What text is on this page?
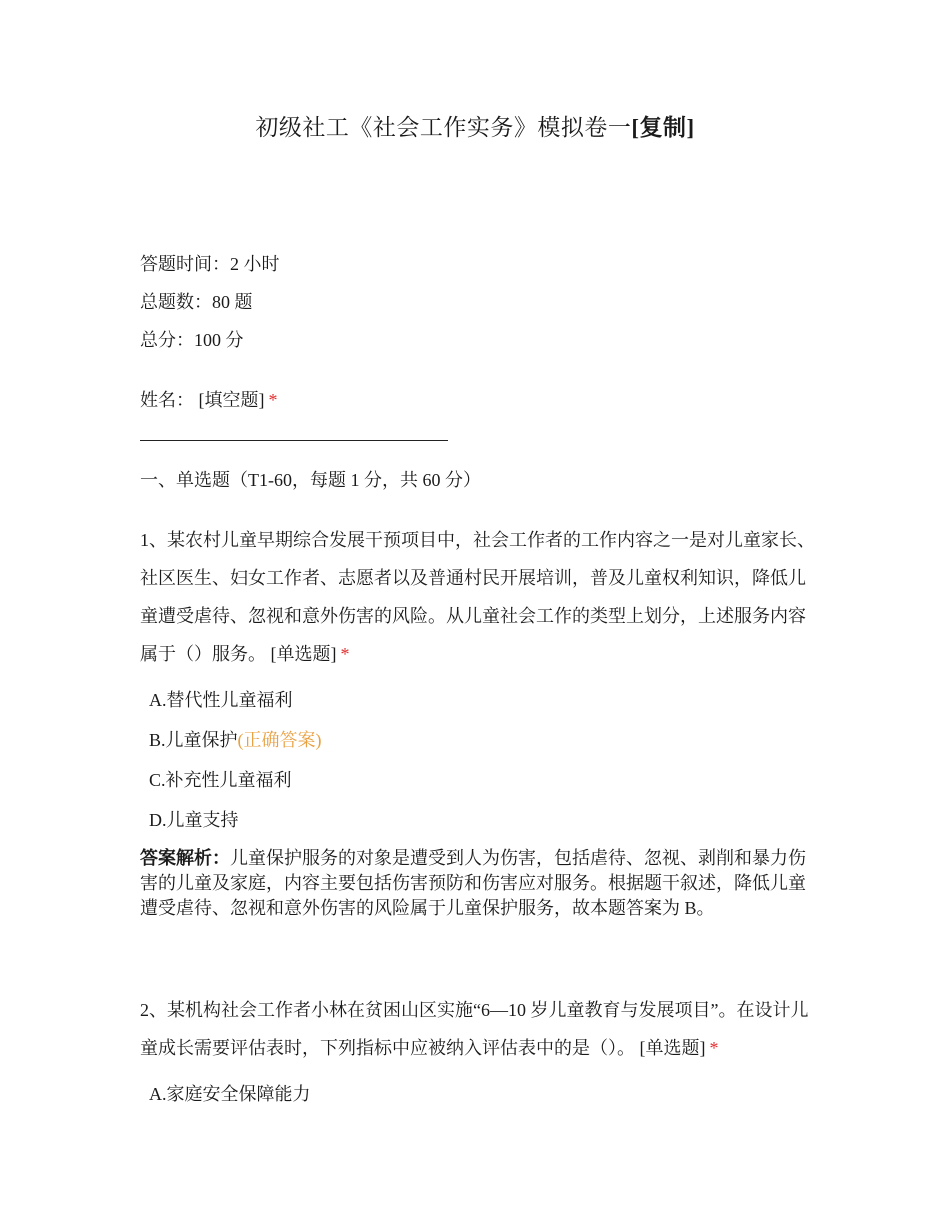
初级社工《社会工作实务》模拟卷一[复制]
答题时间：2 小时
总题数：80 题
总分：100 分
姓名： [填空题] *
一、单选题（T1-60，每题 1 分，共 60 分）
1、某农村儿童早期综合发展干预项目中，社会工作者的工作内容之一是对儿童家长、社区医生、妇女工作者、志愿者以及普通村民开展培训，普及儿童权利知识，降低儿童遭受虐待、忽视和意外伤害的风险。从儿童社会工作的类型上划分，上述服务内容属于（）服务。 [单选题] *
A.替代性儿童福利
B.儿童保护(正确答案)
C.补充性儿童福利
D.儿童支持
答案解析：儿童保护服务的对象是遭受到人为伤害，包括虐待、忽视、剥削和暴力伤害的儿童及家庭，内容主要包括伤害预防和伤害应对服务。根据题干叙述，降低儿童遭受虐待、忽视和意外伤害的风险属于儿童保护服务，故本题答案为 B。
2、某机构社会工作者小林在贫困山区实施“6—10 岁儿童教育与发展项目”。在设计儿童成长需要评估表时，下列指标中应被纳入评估表中的是（）。 [单选题] *
A.家庭安全保障能力
